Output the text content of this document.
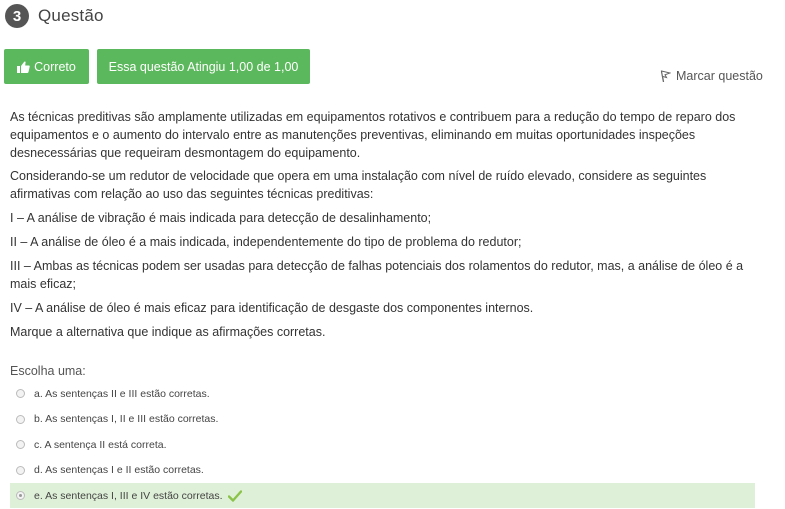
3 Questão
Correto	Essa questão Atingiu 1,00 de 1,00
Marcar questão

As técnicas preditivas são amplamente utilizadas em equipamentos rotativos e contribuem para a redução do tempo de reparo dos equipamentos e o aumento do intervalo entre as manutenções preventivas, eliminando em muitas oportunidades inspeções desnecessárias que requeiram desmontagem do equipamento.

Considerando-se um redutor de velocidade que opera em uma instalação com nível de ruído elevado, considere as seguintes afirmativas com relação ao uso das seguintes técnicas preditivas:

I – A análise de vibração é mais indicada para detecção de desalinhamento;

II – A análise de óleo é a mais indicada, independentemente do tipo de problema do redutor;

III – Ambas as técnicas podem ser usadas para detecção de falhas potenciais dos rolamentos do redutor, mas, a análise de óleo é a mais eficaz;

IV – A análise de óleo é mais eficaz para identificação de desgaste dos componentes internos.

Marque a alternativa que indique as afirmações corretas.

Escolha uma:
a. As sentenças II e III estão corretas.
b. As sentenças I, II e III estão corretas.
c. A sentença II está correta.
d. As sentenças I e II estão corretas.
e. As sentenças I, III e IV estão corretas.
